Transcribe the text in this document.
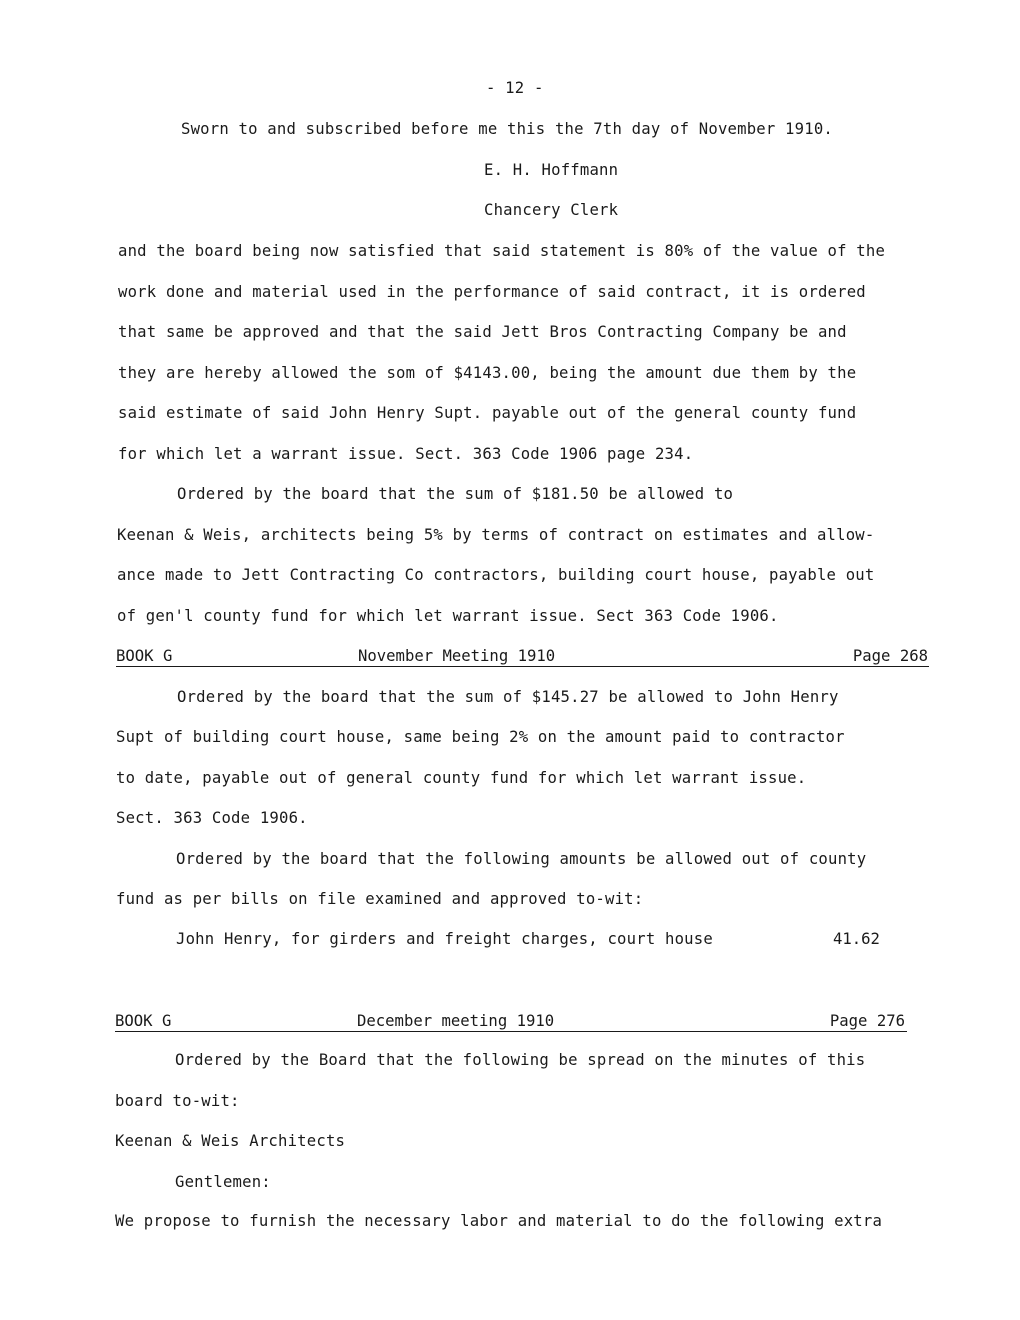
- 12 -
Sworn to and subscribed before me this the 7th day of November 1910.
E. H. Hoffmann
Chancery Clerk
and the board being now satisfied that said statement is 80% of the value of the
work done and material used in the performance of said contract, it is ordered
that same be approved and that the said Jett Bros Contracting Company be and
they are hereby allowed the som of $4143.00, being the amount due them by the
said estimate of said John Henry Supt. payable out of the general county fund
for which let a warrant issue. Sect. 363 Code 1906 page 234.
Ordered by the board that the sum of $181.50 be allowed to
Keenan & Weis, architects being 5% by terms of contract on estimates and allow-
ance made to Jett Contracting Co contractors, building court house, payable out
of gen'l county fund for which let warrant issue. Sect 363 Code 1906.
BOOK G	November Meeting 1910	Page 268
Ordered by the board that the sum of $145.27 be allowed to John Henry
Supt of building court house, same being 2% on the amount paid to contractor
to date, payable out of general county fund for which let warrant issue.
Sect. 363 Code 1906.
Ordered by the board that the following amounts be allowed out of county
fund as per bills on file examined and approved to-wit:
John Henry, for girders and freight charges, court house	41.62
BOOK G	December meeting 1910	Page 276
Ordered by the Board that the following be spread on the minutes of this
board to-wit:
Keenan & Weis Architects
Gentlemen:
We propose to furnish the necessary labor and material to do the following extra
